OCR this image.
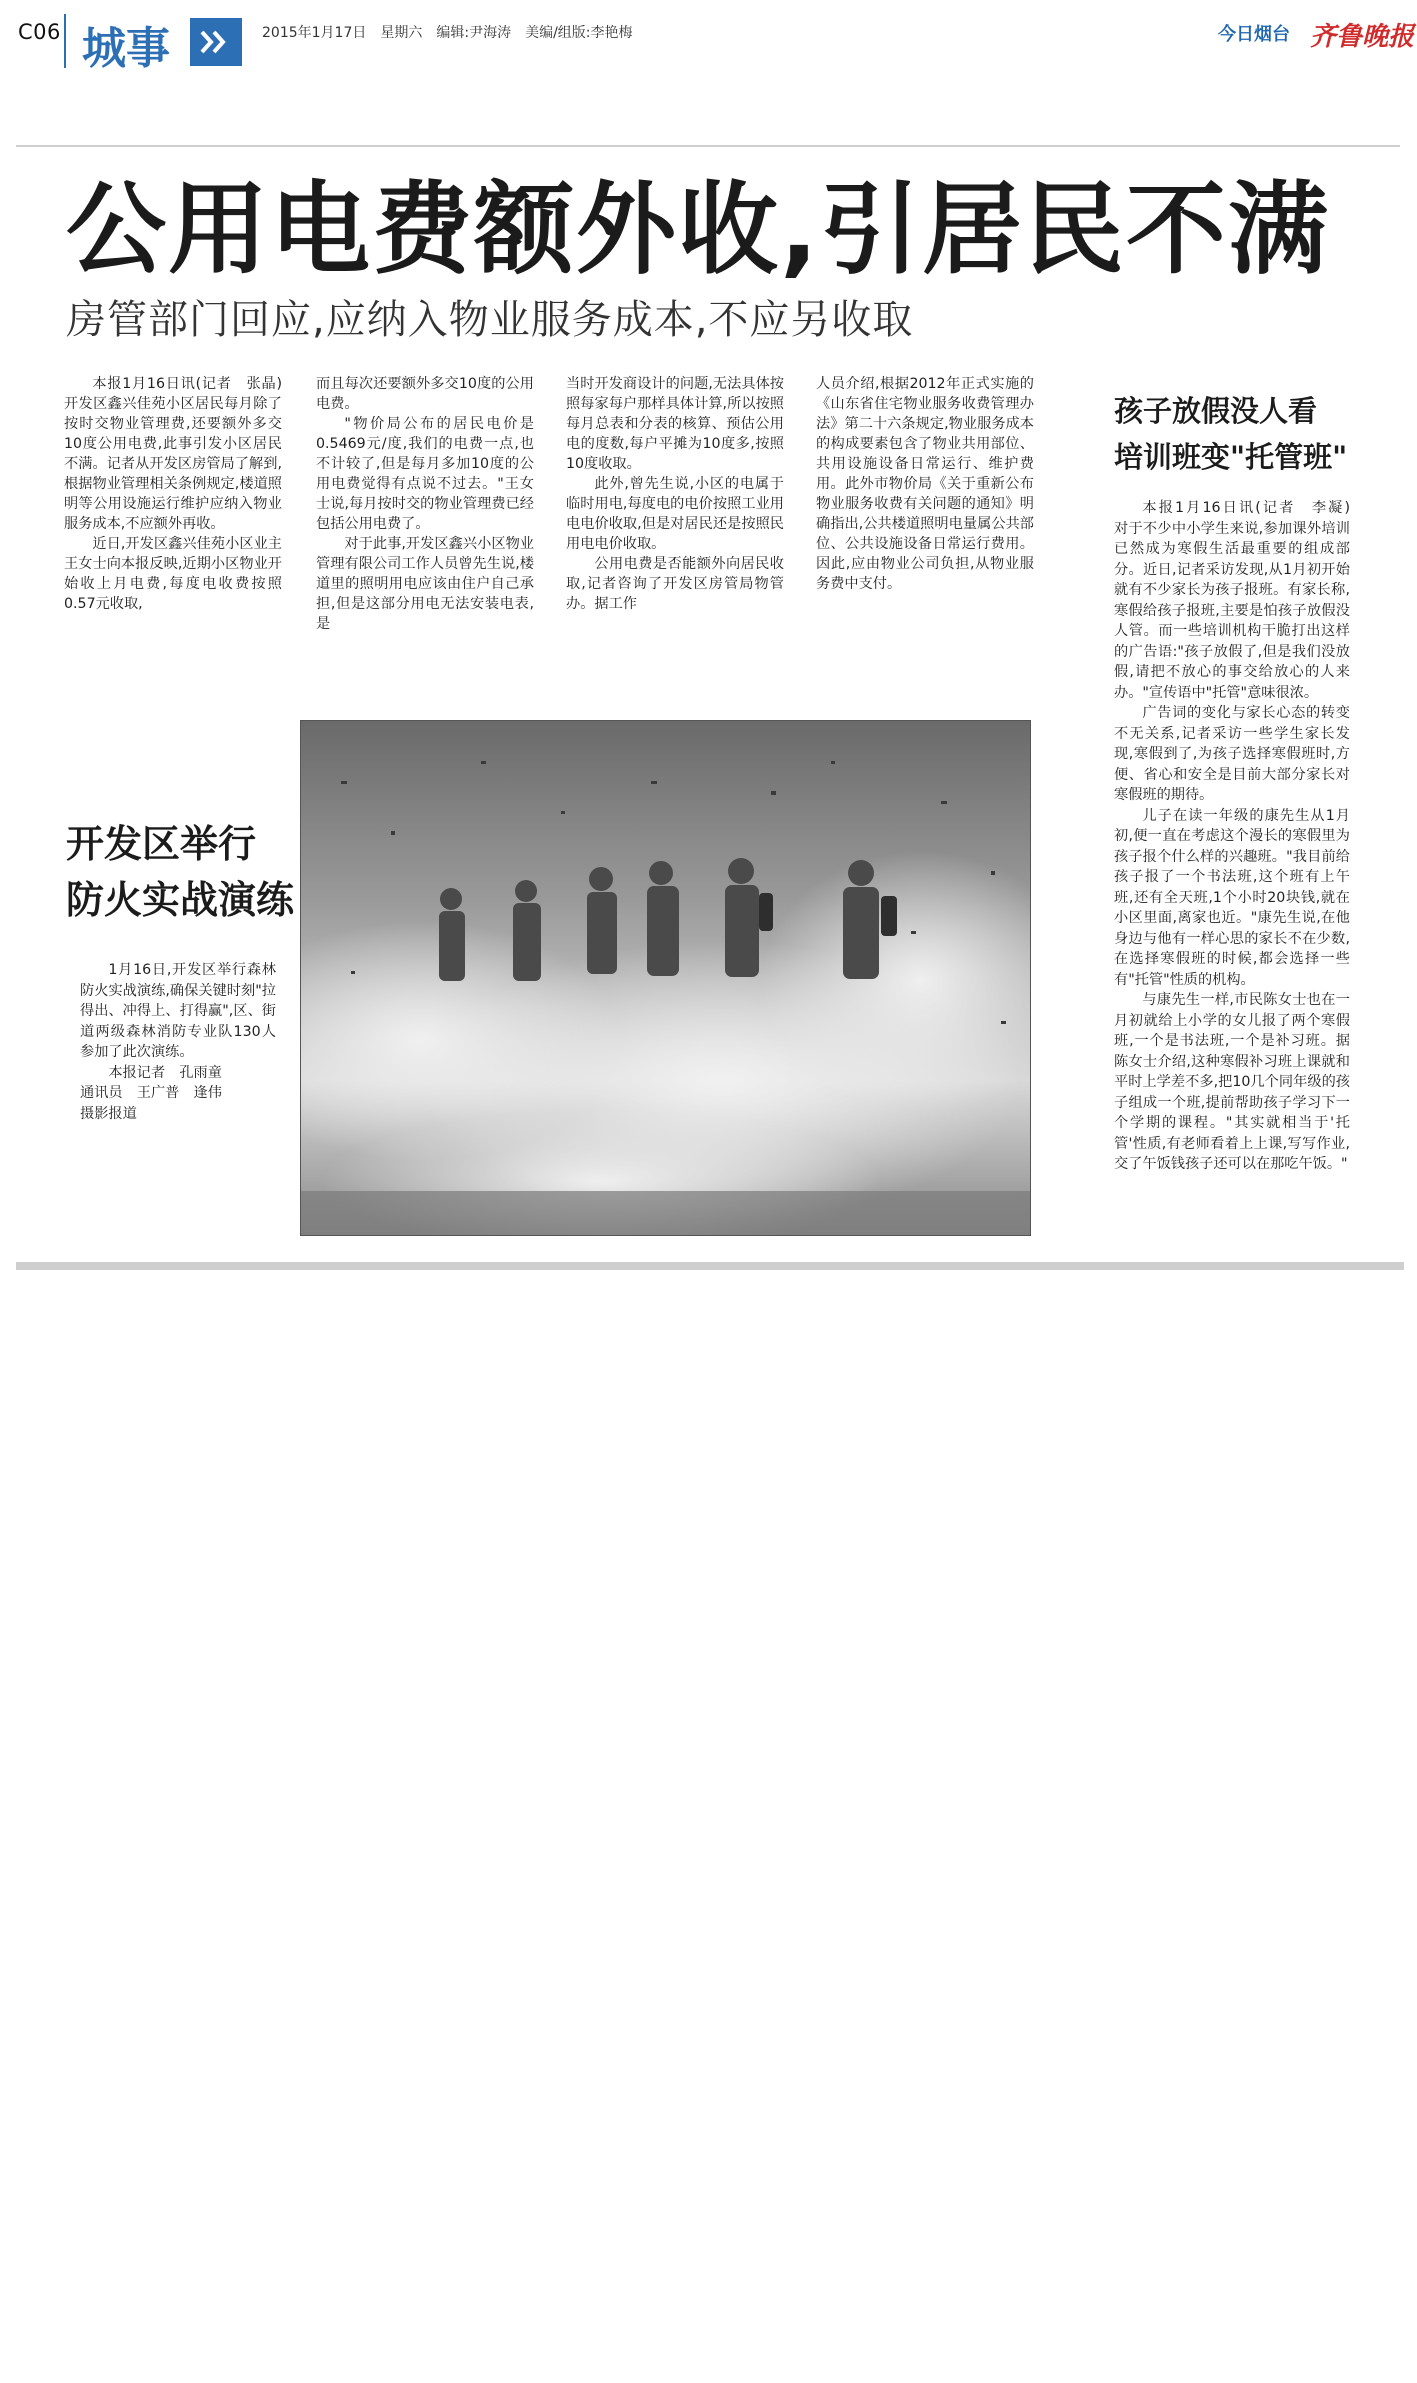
C06 城事	2015年1月17日　星期六　编辑:尹海涛　美编/组版:李艳梅	今日烟台 齐鲁晚报
公用电费额外收,引居民不满
房管部门回应,应纳入物业服务成本,不应另收取

本报1月16日讯(记者　张晶)　开发区鑫兴佳苑小区居民每月除了按时交物业管理费,还要额外多交10度公用电费,此事引发小区居民不满。记者从开发区房管局了解到,根据物业管理相关条例规定,楼道照明等公用设施运行维护应纳入物业服务成本,不应额外再收。

近日,开发区鑫兴佳苑小区业主王女士向本报反映,近期小区物业开始收上月电费,每度电收费按照0.57元收取,

而且每次还要额外多交10度的公用电费。

"物价局公布的居民电价是0.5469元/度,我们的电费一点,也不计较了,但是每月多加10度的公用电费觉得有点说不过去。"王女士说,每月按时交的物业管理费已经包括公用电费了。

对于此事,开发区鑫兴小区物业管理有限公司工作人员曾先生说,楼道里的照明用电应该由住户自己承担,但是这部分用电无法安装电表,是

当时开发商设计的问题,无法具体按照每家每户那样具体计算,所以按照每月总表和分表的核算、预估公用电的度数,每户平摊为10度多,按照10度收取。

此外,曾先生说,小区的电属于临时用电,每度电的电价按照工业用电电价收取,但是对居民还是按照民用电电价收取。

公用电费是否能额外向居民收取,记者咨询了开发区房管局物管办。据工作

人员介绍,根据2012年正式实施的《山东省住宅物业服务收费管理办法》第二十六条规定,物业服务成本的构成要素包含了物业共用部位、共用设施设备日常运行、维护费用。此外市物价局《关于重新公布物业服务收费有关问题的通知》明确指出,公共楼道照明电量属公共部位、公共设施设备日常运行费用。因此,应由物业公司负担,从物业服务费中支付。

孩子放假没人看
培训班变"托管班"

本报1月16日讯(记者　李凝)　对于不少中小学生来说,参加课外培训已然成为寒假生活最重要的组成部分。近日,记者采访发现,从1月初开始就有不少家长为孩子报班。有家长称,寒假给孩子报班,主要是怕孩子放假没人管。而一些培训机构干脆打出这样的广告语:"孩子放假了,但是我们没放假,请把不放心的事交给放心的人来办。"宣传语中"托管"意味很浓。

广告词的变化与家长心态的转变不无关系,记者采访一些学生家长发现,寒假到了,为孩子选择寒假班时,方便、省心和安全是目前大部分家长对寒假班的期待。

儿子在读一年级的康先生从1月初,便一直在考虑这个漫长的寒假里为孩子报个什么样的兴趣班。"我目前给孩子报了一个书法班,这个班有上午班,还有全天班,1个小时20块钱,就在小区里面,离家也近。"康先生说,在他身边与他有一样心思的家长不在少数,在选择寒假班的时候,都会选择一些有"托管"性质的机构。

与康先生一样,市民陈女士也在一月初就给上小学的女儿报了两个寒假班,一个是书法班,一个是补习班。据陈女士介绍,这种寒假补习班上课就和平时上学差不多,把10几个同年级的孩子组成一个班,提前帮助孩子学习下一个学期的课程。"其实就相当于'托管'性质,有老师看着上上课,写写作业,交了午饭钱孩子还可以在那吃午饭。"

开发区举行
防火实战演练

1月16日,开发区举行森林防火实战演练,确保关键时刻"拉得出、冲得上、打得赢",区、街道两级森林消防专业队130人参加了此次演练。

本报记者　孔雨童

通讯员　王广普　逢伟

摄影报道
